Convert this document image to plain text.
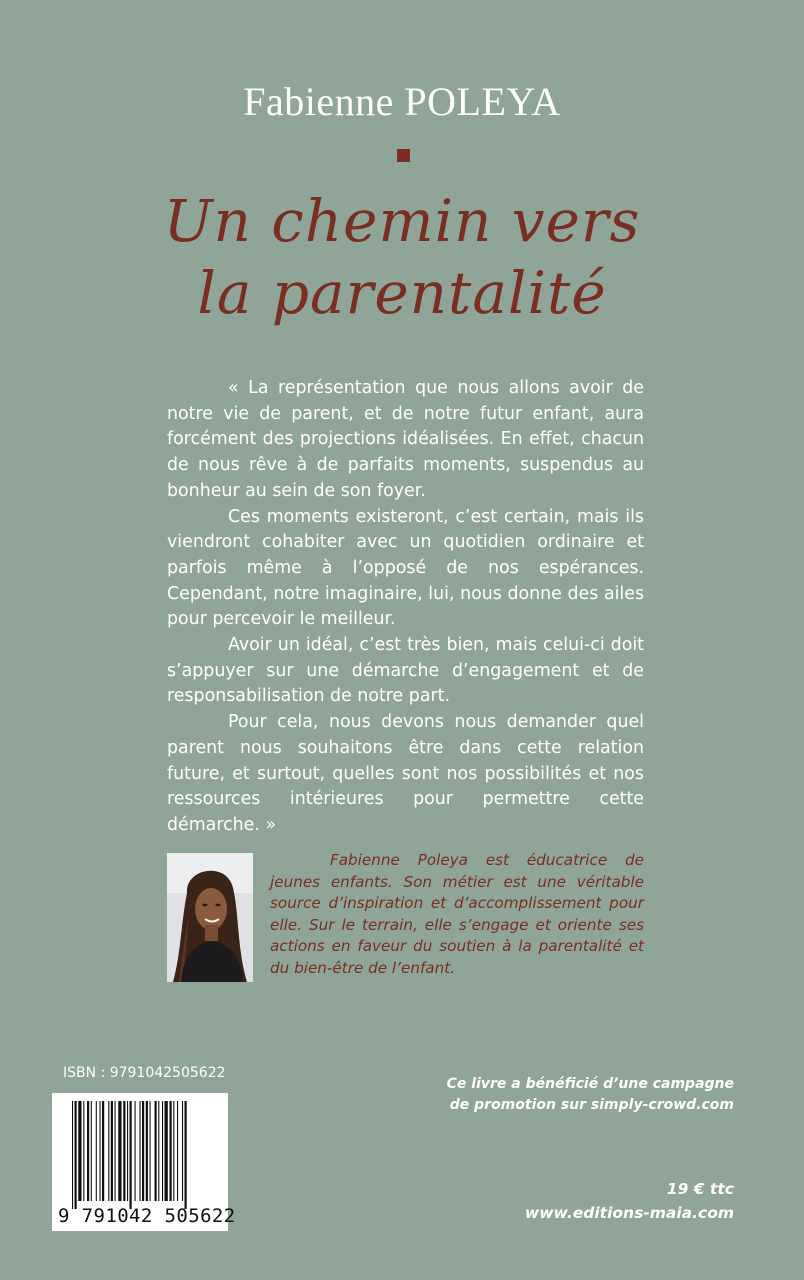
Fabienne POLEYA
Un chemin vers
la parentalité

« La représentation que nous allons avoir de notre vie de parent, et de notre futur enfant, aura forcément des projections idéalisées. En effet, chacun de nous rêve à de parfaits moments, suspendus au bonheur au sein de son foyer.

Ces moments existeront, c’est certain, mais ils viendront cohabiter avec un quotidien ordinaire et parfois même à l’opposé de nos espérances. Cependant, notre imaginaire, lui, nous donne des ailes pour percevoir le meilleur.

Avoir un idéal, c’est très bien, mais celui-ci doit s’appuyer sur une démarche d’engagement et de responsabilisation de notre part.

Pour cela, nous devons nous demander quel parent nous souhaitons être dans cette relation future, et surtout, quelles sont nos possibilités et nos ressources intérieures pour permettre cette démarche. »

Fabienne Poleya est éducatrice de jeunes enfants. Son métier est une véritable source d’inspiration et d’accomplissement pour elle. Sur le terrain, elle s’engage et oriente ses actions en faveur du soutien à la parentalité et du bien-être de l’enfant.
ISBN : 9791042505622
9 791042 505622
Ce livre a bénéficié d’une campagne
de promotion sur simply-crowd.com
19 € ttc
www.editions-maia.com
